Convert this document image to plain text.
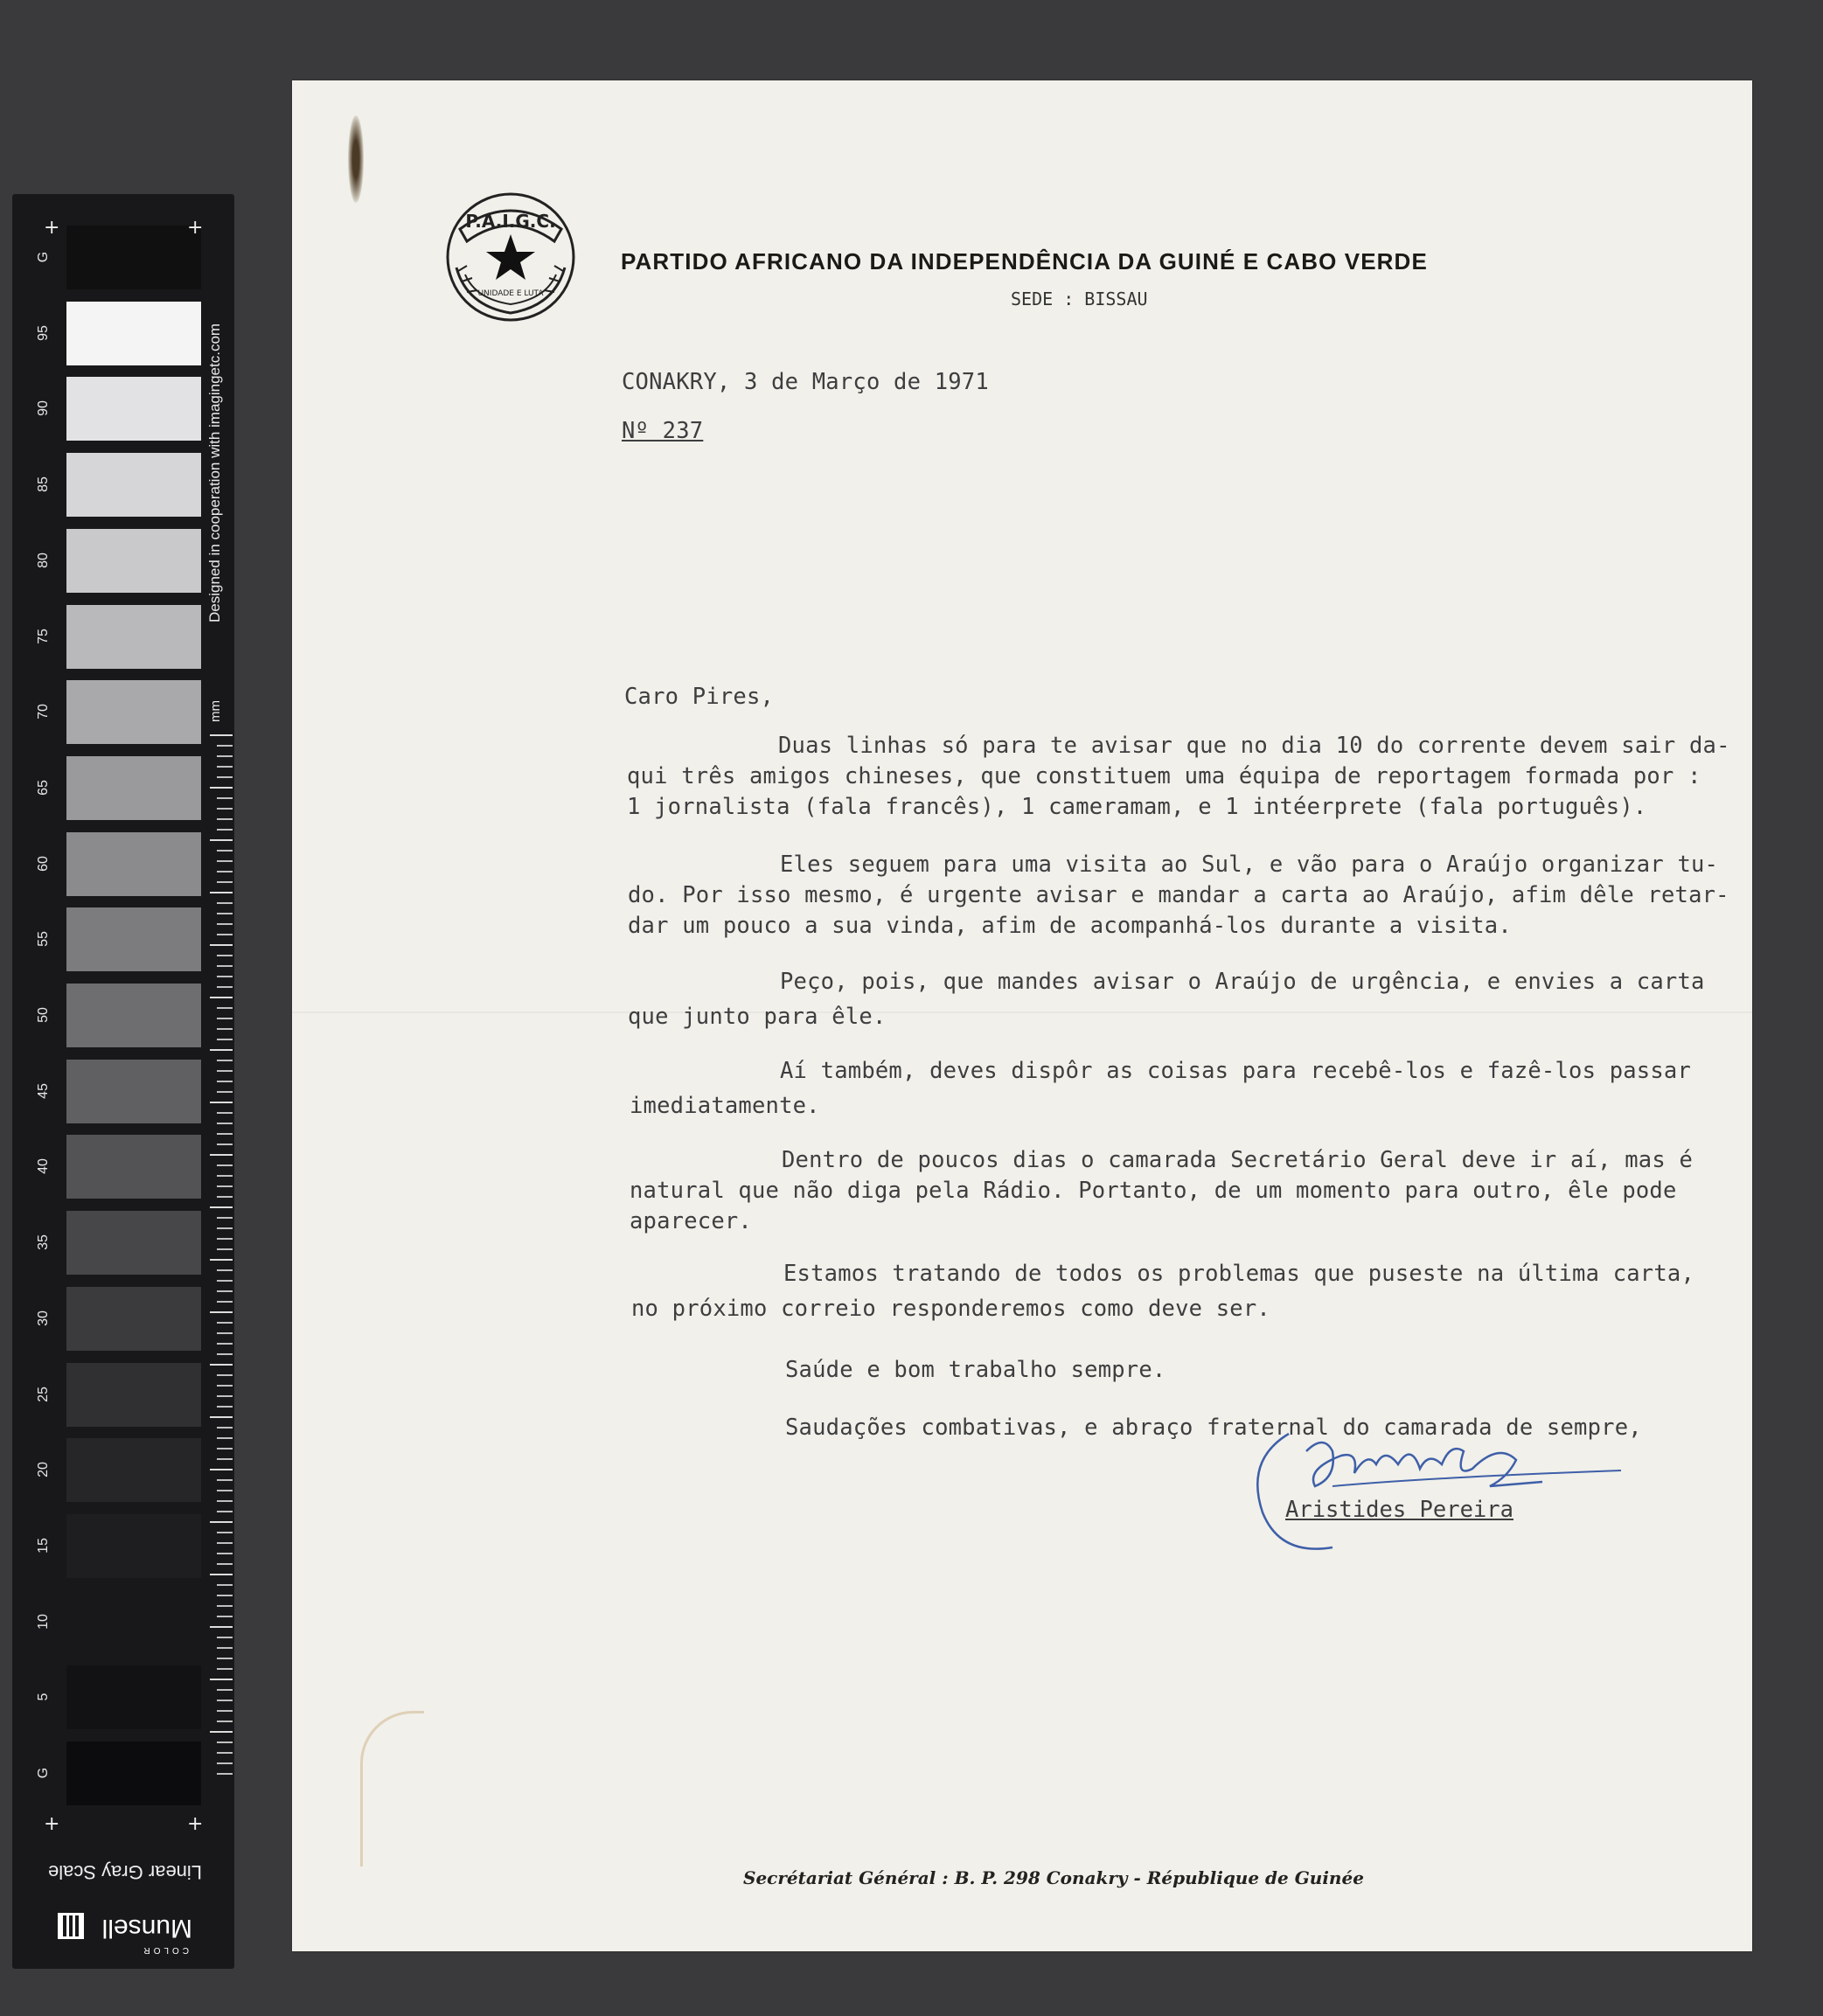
G
95
90
85
80
75
70
65
60
55
50
45
40
35
30
25
20
15
10
5
G
+	+
+	+
Designed in cooperation with imagingetc.com
mm
Linear Gray Scale
COLOR
Munsell
P.A.I.G.C.
UNIDADE E LUTA
PARTIDO AFRICANO DA INDEPENDÊNCIA DA GUINÉ E CABO VERDE
SEDE : BISSAU
CONAKRY, 3 de Março de 1971
Nº 237
Caro Pires,
Duas linhas só para te avisar que no dia 10 do corrente devem sair da-
qui três amigos chineses, que constituem uma équipa de reportagem formada por :
1 jornalista (fala francês), 1 cameramam, e 1 intéerprete (fala português).
Eles seguem para uma visita ao Sul, e vão para o Araújo organizar tu-
do. Por isso mesmo, é urgente avisar e mandar a carta ao Araújo, afim dêle retar-
dar um pouco a sua vinda, afim de acompanhá-los durante a visita.
Peço, pois, que mandes avisar o Araújo de urgência, e envies a carta
que junto para êle.
Aí também, deves dispôr as coisas para recebê-los e fazê-los passar
imediatamente.
Dentro de poucos dias o camarada Secretário Geral deve ir aí, mas é
natural que não diga pela Rádio. Portanto, de um momento para outro, êle pode
aparecer.
Estamos tratando de todos os problemas que puseste na última carta,
no próximo correio responderemos como deve ser.
Saúde e bom trabalho sempre.
Saudações combativas, e abraço fraternal do camarada de sempre,
Aristides Pereira
Secrétariat Général : B. P. 298 Conakry - République de Guinée
